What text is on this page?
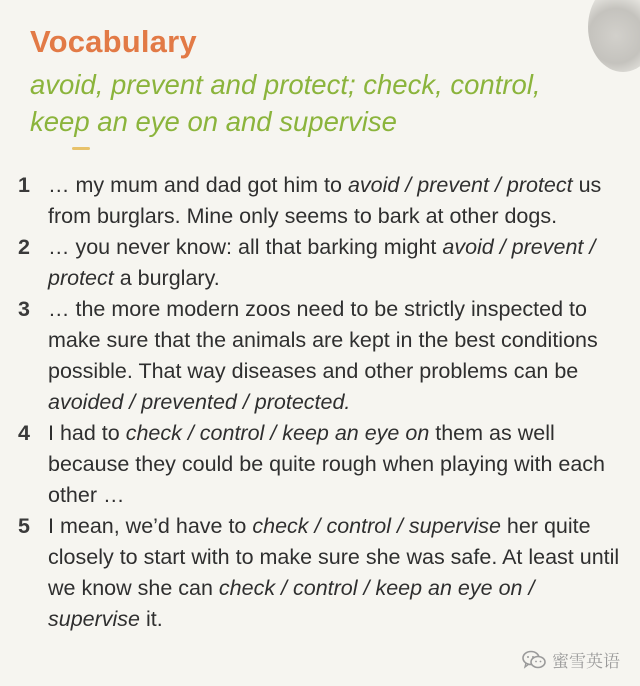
Vocabulary
avoid, prevent and protect; check, control,
keep an eye on and supervise
1 … my mum and dad got him to avoid / prevent / protect us from burglars. Mine only seems to bark at other dogs.
2 … you never know: all that barking might avoid / prevent / protect a burglary.
3 … the more modern zoos need to be strictly inspected to make sure that the animals are kept in the best conditions possible. That way diseases and other problems can be avoided / prevented / protected.
4 I had to check / control / keep an eye on them as well because they could be quite rough when playing with each other …
5 I mean, we’d have to check / control / supervise her quite closely to start with to make sure she was safe. At least until we know she can check / control / keep an eye on / supervise it.
蜜雪英语
